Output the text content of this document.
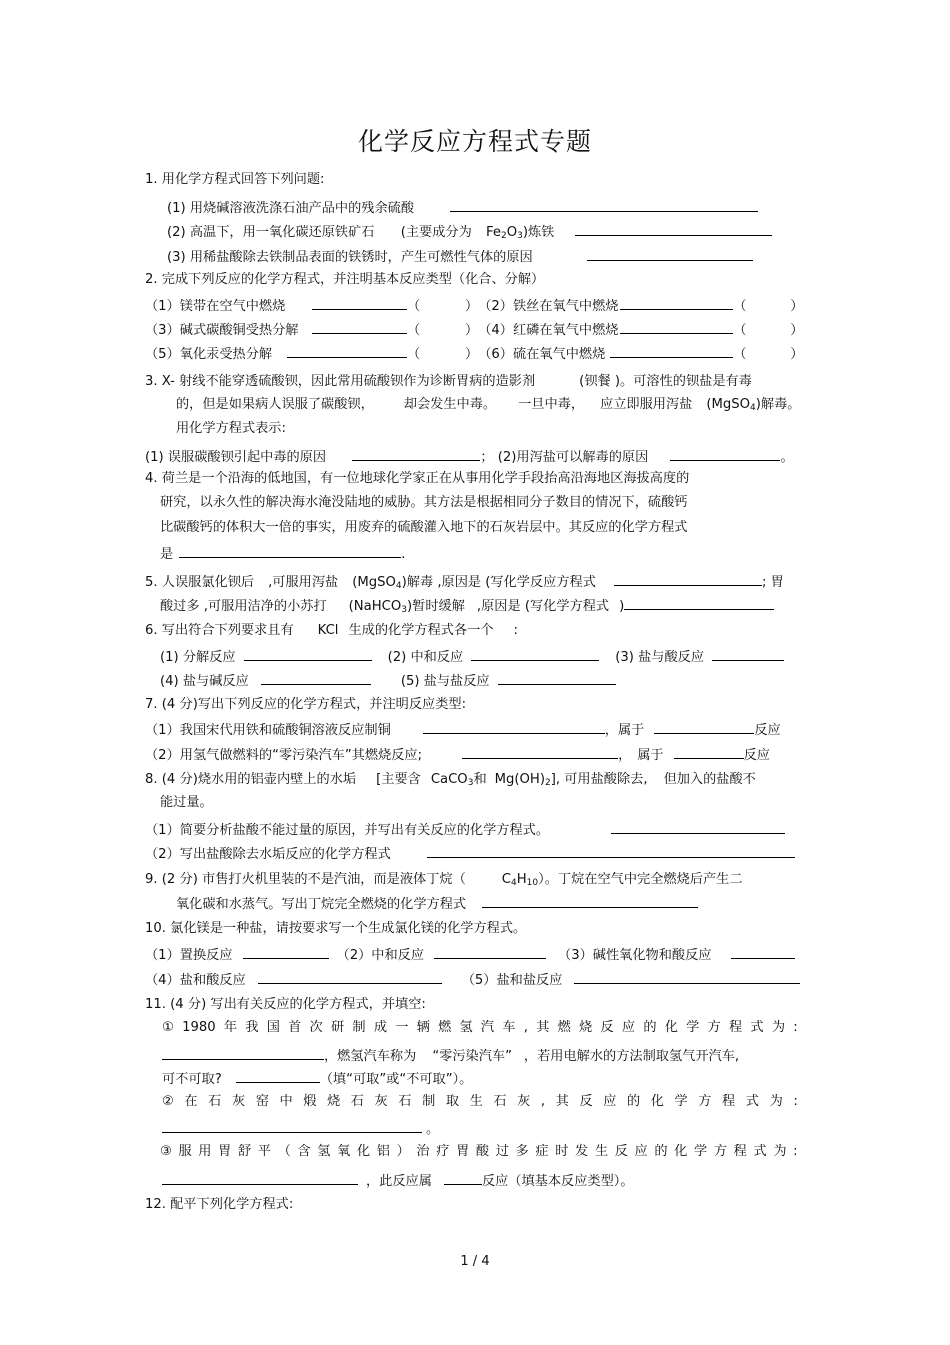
化学反应方程式专题
1. 用化学方程式回答下列问题:
(1) 用烧碱溶液洗涤石油产品中的残余硫酸
(2) 高温下，用一氧化碳还原铁矿石 (主要成分为 $Fe_2O_3$)炼铁
(3) 用稀盐酸除去铁制品表面的铁锈时，产生可燃性气体的原因
2. 完成下列反应的化学方程式，并注明基本反应类型（化合、分解）
（1）镁带在空气中燃烧	（	）（2）铁丝在氧气中燃烧	（	）
（3）碱式碳酸铜受热分解	（	）（4）红磷在氧气中燃烧	（	）
（5）氧化汞受热分解	（	）（6）硫在氧气中燃烧	（	）
3. X- 射线不能穿透硫酸钡，因此常用硫酸钡作为诊断胃病的造影剂	(钡餐 )。可溶性的钡盐是有毒
的，但是如果病人误服了碳酸钡， 却会发生中毒。 一旦中毒， 应立即服用泻盐 (MgSO$_4$)解毒。
用化学方程式表示:
(1) 误服碳酸钡引起中毒的原因	； (2)用泻盐可以解毒的原因	。
4. 荷兰是一个沿海的低地国，有一位地球化学家正在从事用化学手段抬高沿海地区海拔高度的
研究，以永久性的解决海水淹没陆地的威胁。其方法是根据相同分子数目的情况下，硫酸钙
比碳酸钙的体积大一倍的事实，用废弃的硫酸灌入地下的石灰岩层中。其反应的化学方程式
是	.
5. 人误服氯化钡后 ,可服用泻盐 (MgSO$_4$)解毒 ,原因是 (写化学反应方程式	; 胃
酸过多 ,可服用洁净的小苏打 (NaHCO$_3$)暂时缓解 ,原因是 (写化学方程式 )
6. 写出符合下列要求且有 KCl 生成的化学方程式各一个 :
(1) 分解反应	(2) 中和反应	(3) 盐与酸反应
(4) 盐与碱反应	(5) 盐与盐反应
7. (4 分)写出下列反应的化学方程式，并注明反应类型:
（1）我国宋代用铁和硫酸铜溶液反应制铜	，属于	反应
（2）用氢气做燃料的“零污染汽车”其燃烧反应;	， 属于	反应
8. (4 分)烧水用的铝壶内壁上的水垢 [主要含 CaCO$_3$和 $Mg(OH)_2$], 可用盐酸除去, 但加入的盐酸不
能过量。
（1）简要分析盐酸不能过量的原因，并写出有关反应的化学方程式。
（2）写出盐酸除去水垢反应的化学方程式
9. (2 分) 市售打火机里装的不是汽油，而是液体丁烷（	$C_4H_{10}$）。丁烷在空气中完全燃烧后产生二
氧化碳和水蒸气。写出丁烷完全燃烧的化学方程式
10. 氯化镁是一种盐，请按要求写一个生成氯化镁的化学方程式。
（1）置换反应	（2）中和反应	（3）碱性氧化物和酸反应
（4）盐和酸反应	（5）盐和盐反应
11. (4 分) 写出有关反应的化学方程式，并填空:
① 1980 年 我 国 首 次 研 制 成 一 辆 燃 氢 汽 车 , 其 燃 烧 反 应 的 化 学 方 程 式 为 :
，燃氢汽车称为 “零污染汽车” ，若用电解水的方法制取氢气开汽车,
可不可取?	（填“可取”或“不可取”）。
② 在 石 灰 窑 中 煅 烧 石 灰 石 制 取 生 石 灰 , 其 反 应 的 化 学 方 程 式 为 :
。
③ 服 用 胃 舒 平 （ 含 氢 氧 化 铝 ） 治 疗 胃 酸 过 多 症 时 发 生 反 应 的 化 学 方 程 式 为 :
，此反应属	反应（填基本反应类型）。
12. 配平下列化学方程式:
1 / 4
